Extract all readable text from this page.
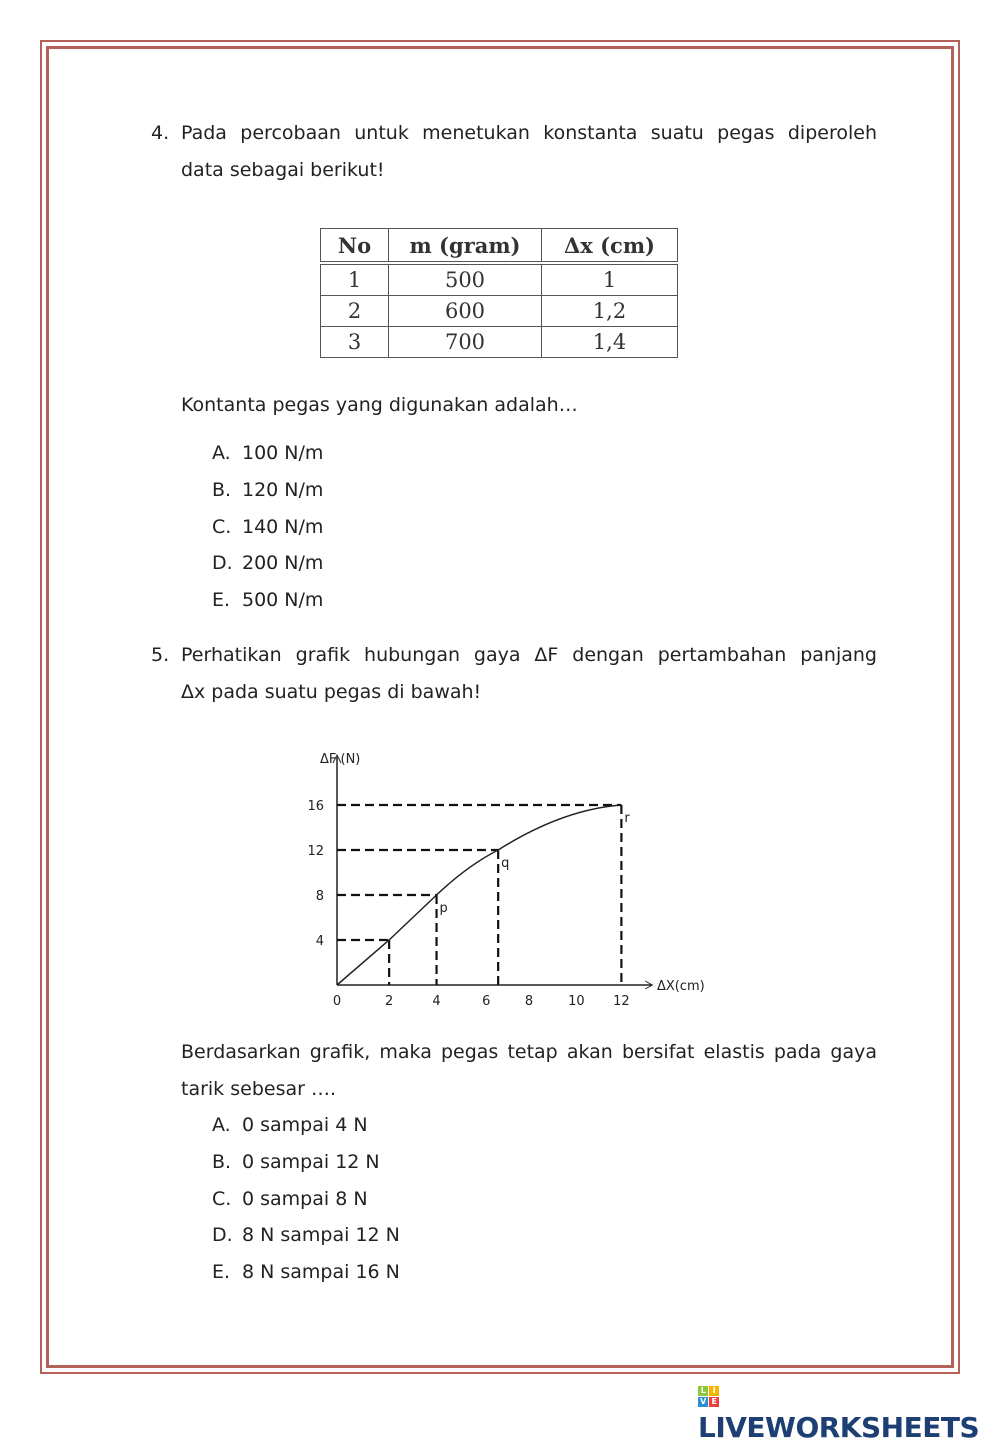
4. Pada percobaan untuk menetukan konstanta suatu pegas diperoleh
data sebagai berikut!
No	m (gram)	Δx (cm)
1	500	1
2	600	1,2
3	700	1,4
Kontanta pegas yang digunakan adalah…
A. 100 N/m
B. 120 N/m
C. 140 N/m
D. 200 N/m
E. 500 N/m
5. Perhatikan grafik hubungan gaya ΔF dengan pertambahan panjang
Δx pada suatu pegas di bawah!
p
q
r
0	2	4	6	8	10 12
4
8
12
16
ΔX(cm)
ΔF (N)
Berdasarkan grafik, maka pegas tetap akan bersifat elastis pada gaya
tarik sebesar ….
A. 0 sampai 4 N
B. 0 sampai 12 N
C. 0 sampai 8 N
D. 8 N sampai 12 N
E. 8 N sampai 16 N
L I
V E
LIVEWORKSHEETS
